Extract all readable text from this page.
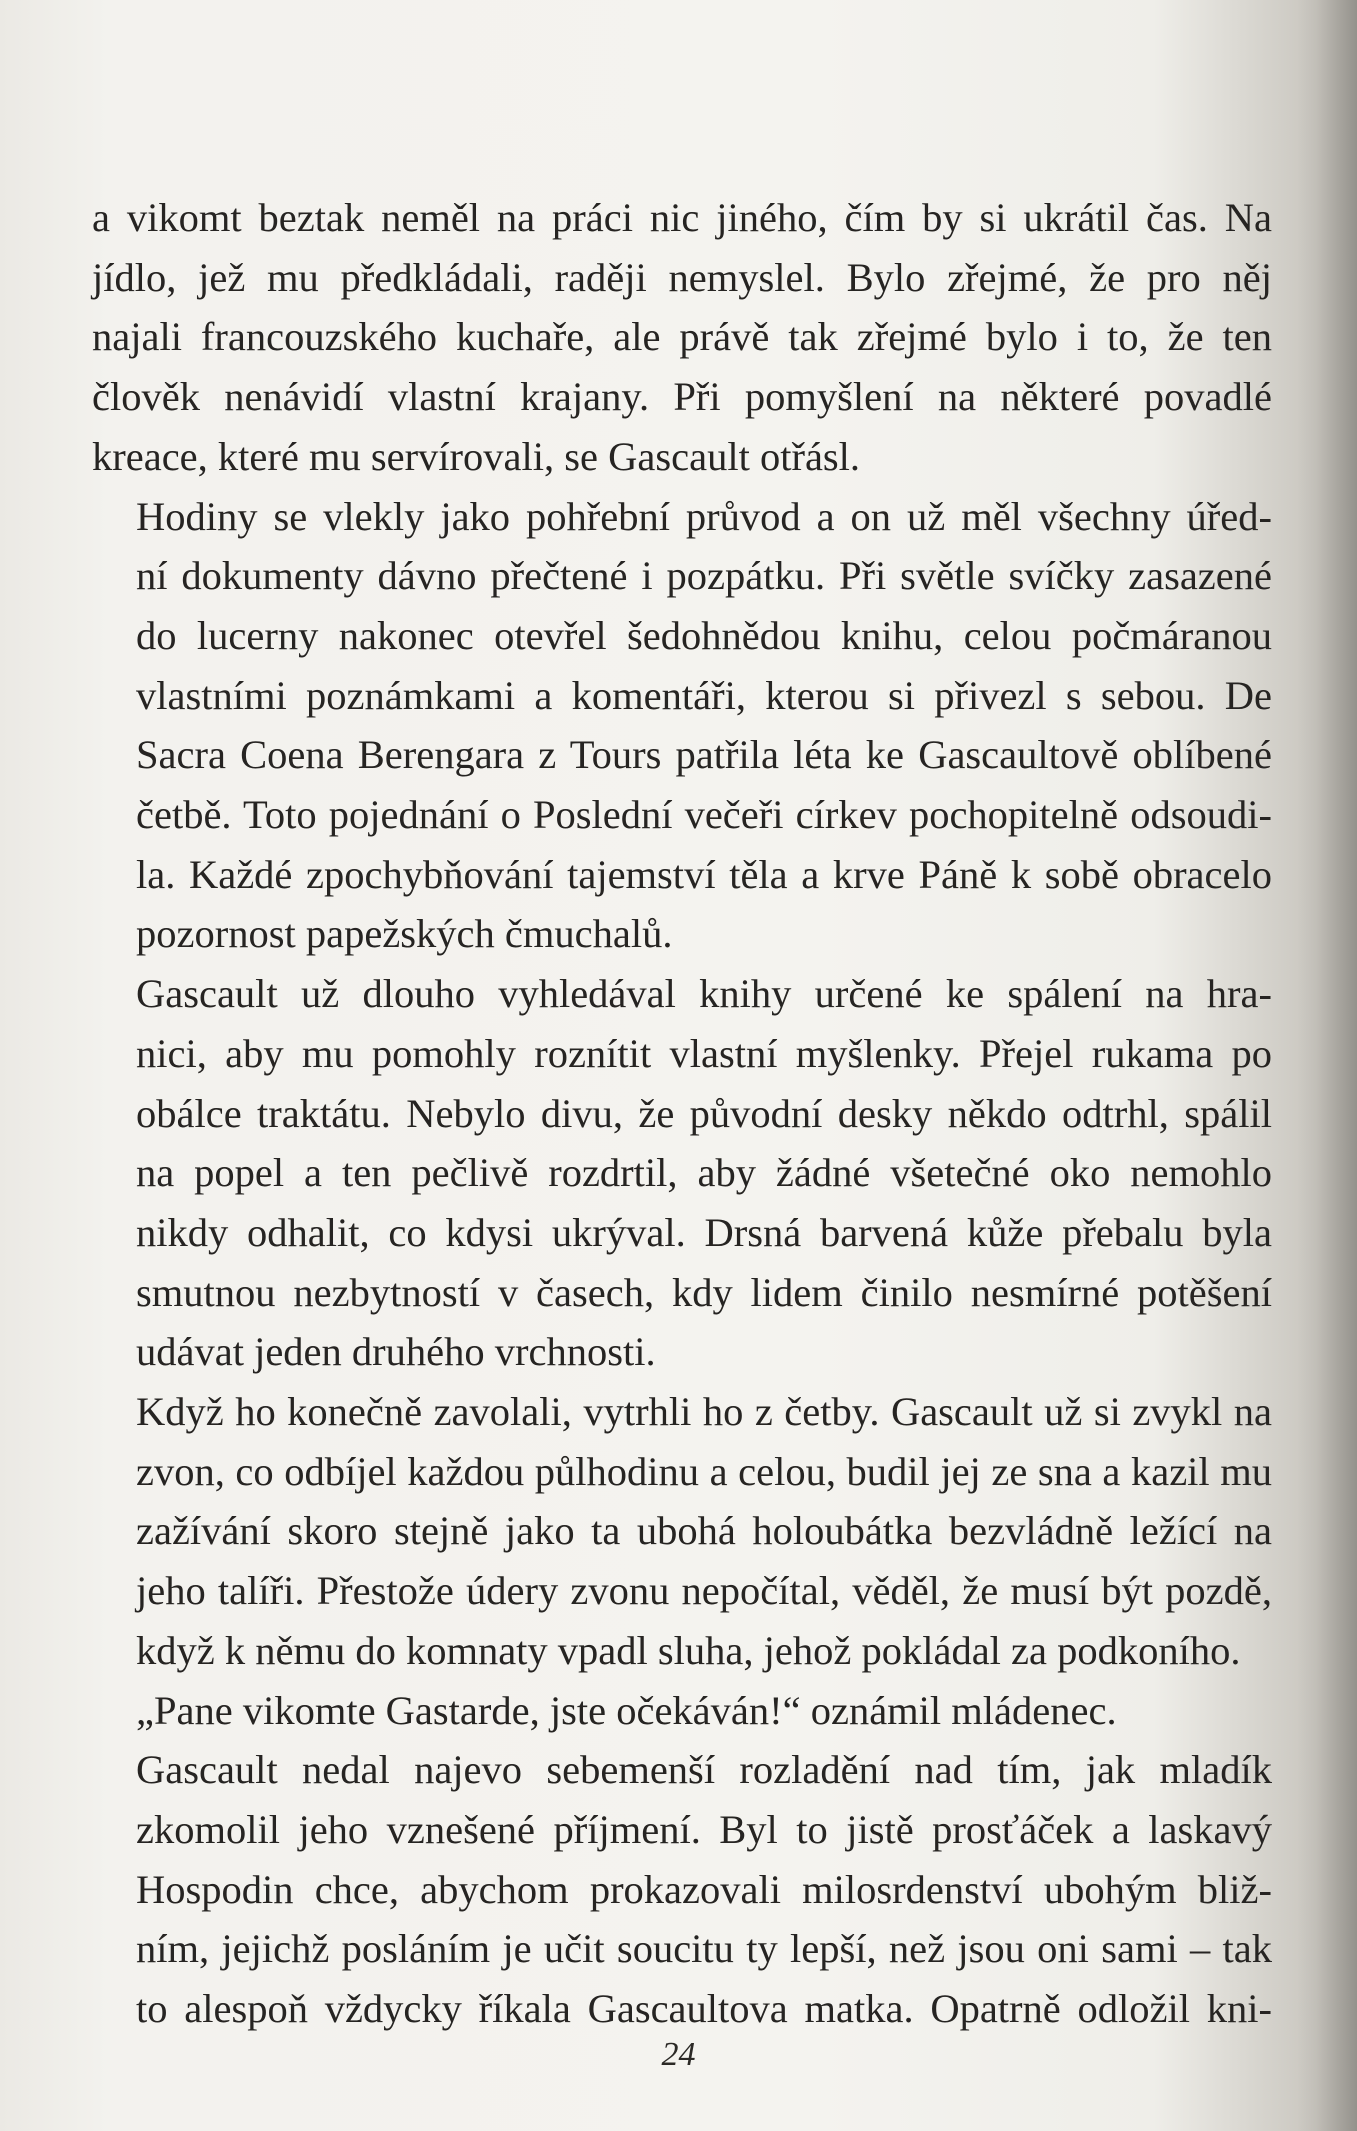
a vikomt beztak neměl na práci nic jiného, čím by si ukrátil čas. Na
jídlo, jež mu předkládali, raději nemyslel. Bylo zřejmé, že pro něj
najali francouzského kuchaře, ale právě tak zřejmé bylo i to, že ten
člověk nenávidí vlastní krajany. Při pomyšlení na některé povadlé
kreace, které mu servírovali, se Gascault otřásl.

Hodiny se vlekly jako pohřební průvod a on už měl všechny úřed-
ní dokumenty dávno přečtené i pozpátku. Při světle svíčky zasazené
do lucerny nakonec otevřel šedohnědou knihu, celou počmáranou
vlastními poznámkami a komentáři, kterou si přivezl s sebou. De
Sacra Coena Berengara z Tours patřila léta ke Gascaultově oblíbené
četbě. Toto pojednání o Poslední večeři církev pochopitelně odsoudi-
la. Každé zpochybňování tajemství těla a krve Páně k sobě obracelo
pozornost papežských čmuchalů.

Gascault už dlouho vyhledával knihy určené ke spálení na hra-
nici, aby mu pomohly roznítit vlastní myšlenky. Přejel rukama po
obálce traktátu. Nebylo divu, že původní desky někdo odtrhl, spálil
na popel a ten pečlivě rozdrtil, aby žádné všetečné oko nemohlo
nikdy odhalit, co kdysi ukrýval. Drsná barvená kůže přebalu byla
smutnou nezbytností v časech, kdy lidem činilo nesmírné potěšení
udávat jeden druhého vrchnosti.

Když ho konečně zavolali, vytrhli ho z četby. Gascault už si zvykl na
zvon, co odbíjel každou půlhodinu a celou, budil jej ze sna a kazil mu
zažívání skoro stejně jako ta ubohá holoubátka bezvládně ležící na
jeho talíři. Přestože údery zvonu nepočítal, věděl, že musí být pozdě,
když k němu do komnaty vpadl sluha, jehož pokládal za podkoního.

„Pane vikomte Gastarde, jste očekáván!“ oznámil mládenec.

Gascault nedal najevo sebemenší rozladění nad tím, jak mladík
zkomolil jeho vznešené příjmení. Byl to jistě prosťáček a laskavý
Hospodin chce, abychom prokazovali milosrdenství ubohým bliž-
ním, jejichž posláním je učit soucitu ty lepší, než jsou oni sami – tak
to alespoň vždycky říkala Gascaultova matka. Opatrně odložil kni-

24
